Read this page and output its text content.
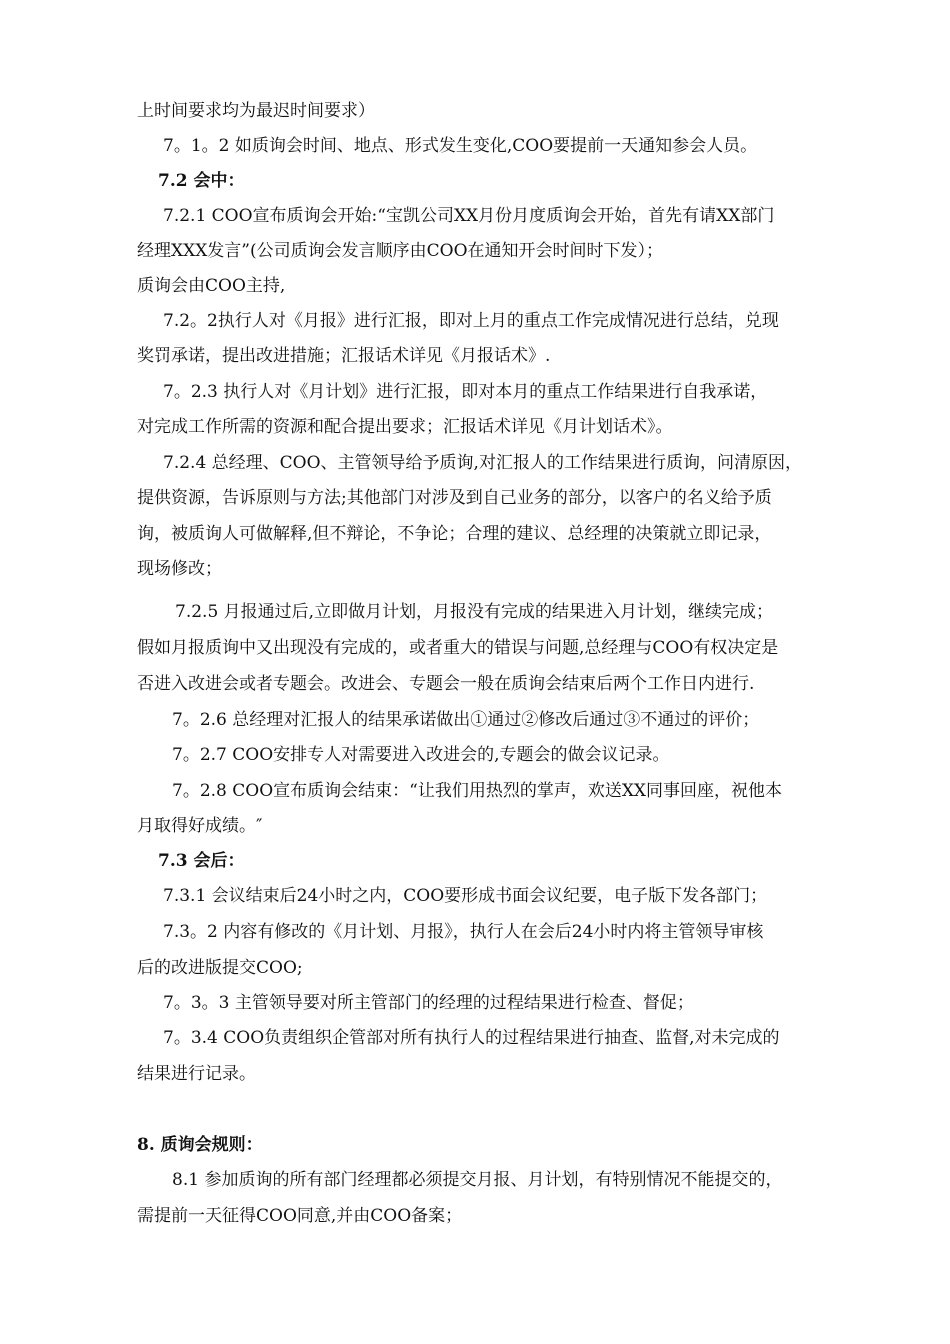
上时间要求均为最迟时间要求）
7。1。2 如质询会时间、地点、形式发生变化,COO要提前一天通知参会人员。
7.2 会中：
7.2.1 COO宣布质询会开始:“宝凯公司XX月份月度质询会开始，首先有请XX部门
经理XXX发言”(公司质询会发言顺序由COO在通知开会时间时下发）；
质询会由COO主持,
7.2。2执行人对《月报》进行汇报，即对上月的重点工作完成情况进行总结，兑现
奖罚承诺，提出改进措施；汇报话术详见《月报话术》.
7。2.3 执行人对《月计划》进行汇报，即对本月的重点工作结果进行自我承诺，
对完成工作所需的资源和配合提出要求；汇报话术详见《月计划话术》。
7.2.4 总经理、COO、主管领导给予质询,对汇报人的工作结果进行质询，问清原因，
提供资源，告诉原则与方法;其他部门对涉及到自己业务的部分，以客户的名义给予质
询，被质询人可做解释,但不辩论，不争论；合理的建议、总经理的决策就立即记录，
现场修改；
7.2.5 月报通过后,立即做月计划，月报没有完成的结果进入月计划，继续完成；
假如月报质询中又出现没有完成的，或者重大的错误与问题,总经理与COO有权决定是
否进入改进会或者专题会。改进会、专题会一般在质询会结束后两个工作日内进行.
7。2.6 总经理对汇报人的结果承诺做出①通过②修改后通过③不通过的评价；
7。2.7 COO安排专人对需要进入改进会的,专题会的做会议记录。
7。2.8 COO宣布质询会结束：“让我们用热烈的掌声，欢送XX同事回座，祝他本
月取得好成绩。″
7.3 会后：
7.3.1 会议结束后24小时之内，COO要形成书面会议纪要，电子版下发各部门；
7.3。2 内容有修改的《月计划、月报》，执行人在会后24小时内将主管领导审核
后的改进版提交COO;
7。3。3 主管领导要对所主管部门的经理的过程结果进行检查、督促；
7。3.4 COO负责组织企管部对所有执行人的过程结果进行抽查、监督,对未完成的
结果进行记录。
8. 质询会规则：
8.1 参加质询的所有部门经理都必须提交月报、月计划，有特别情况不能提交的，
需提前一天征得COO同意,并由COO备案；
